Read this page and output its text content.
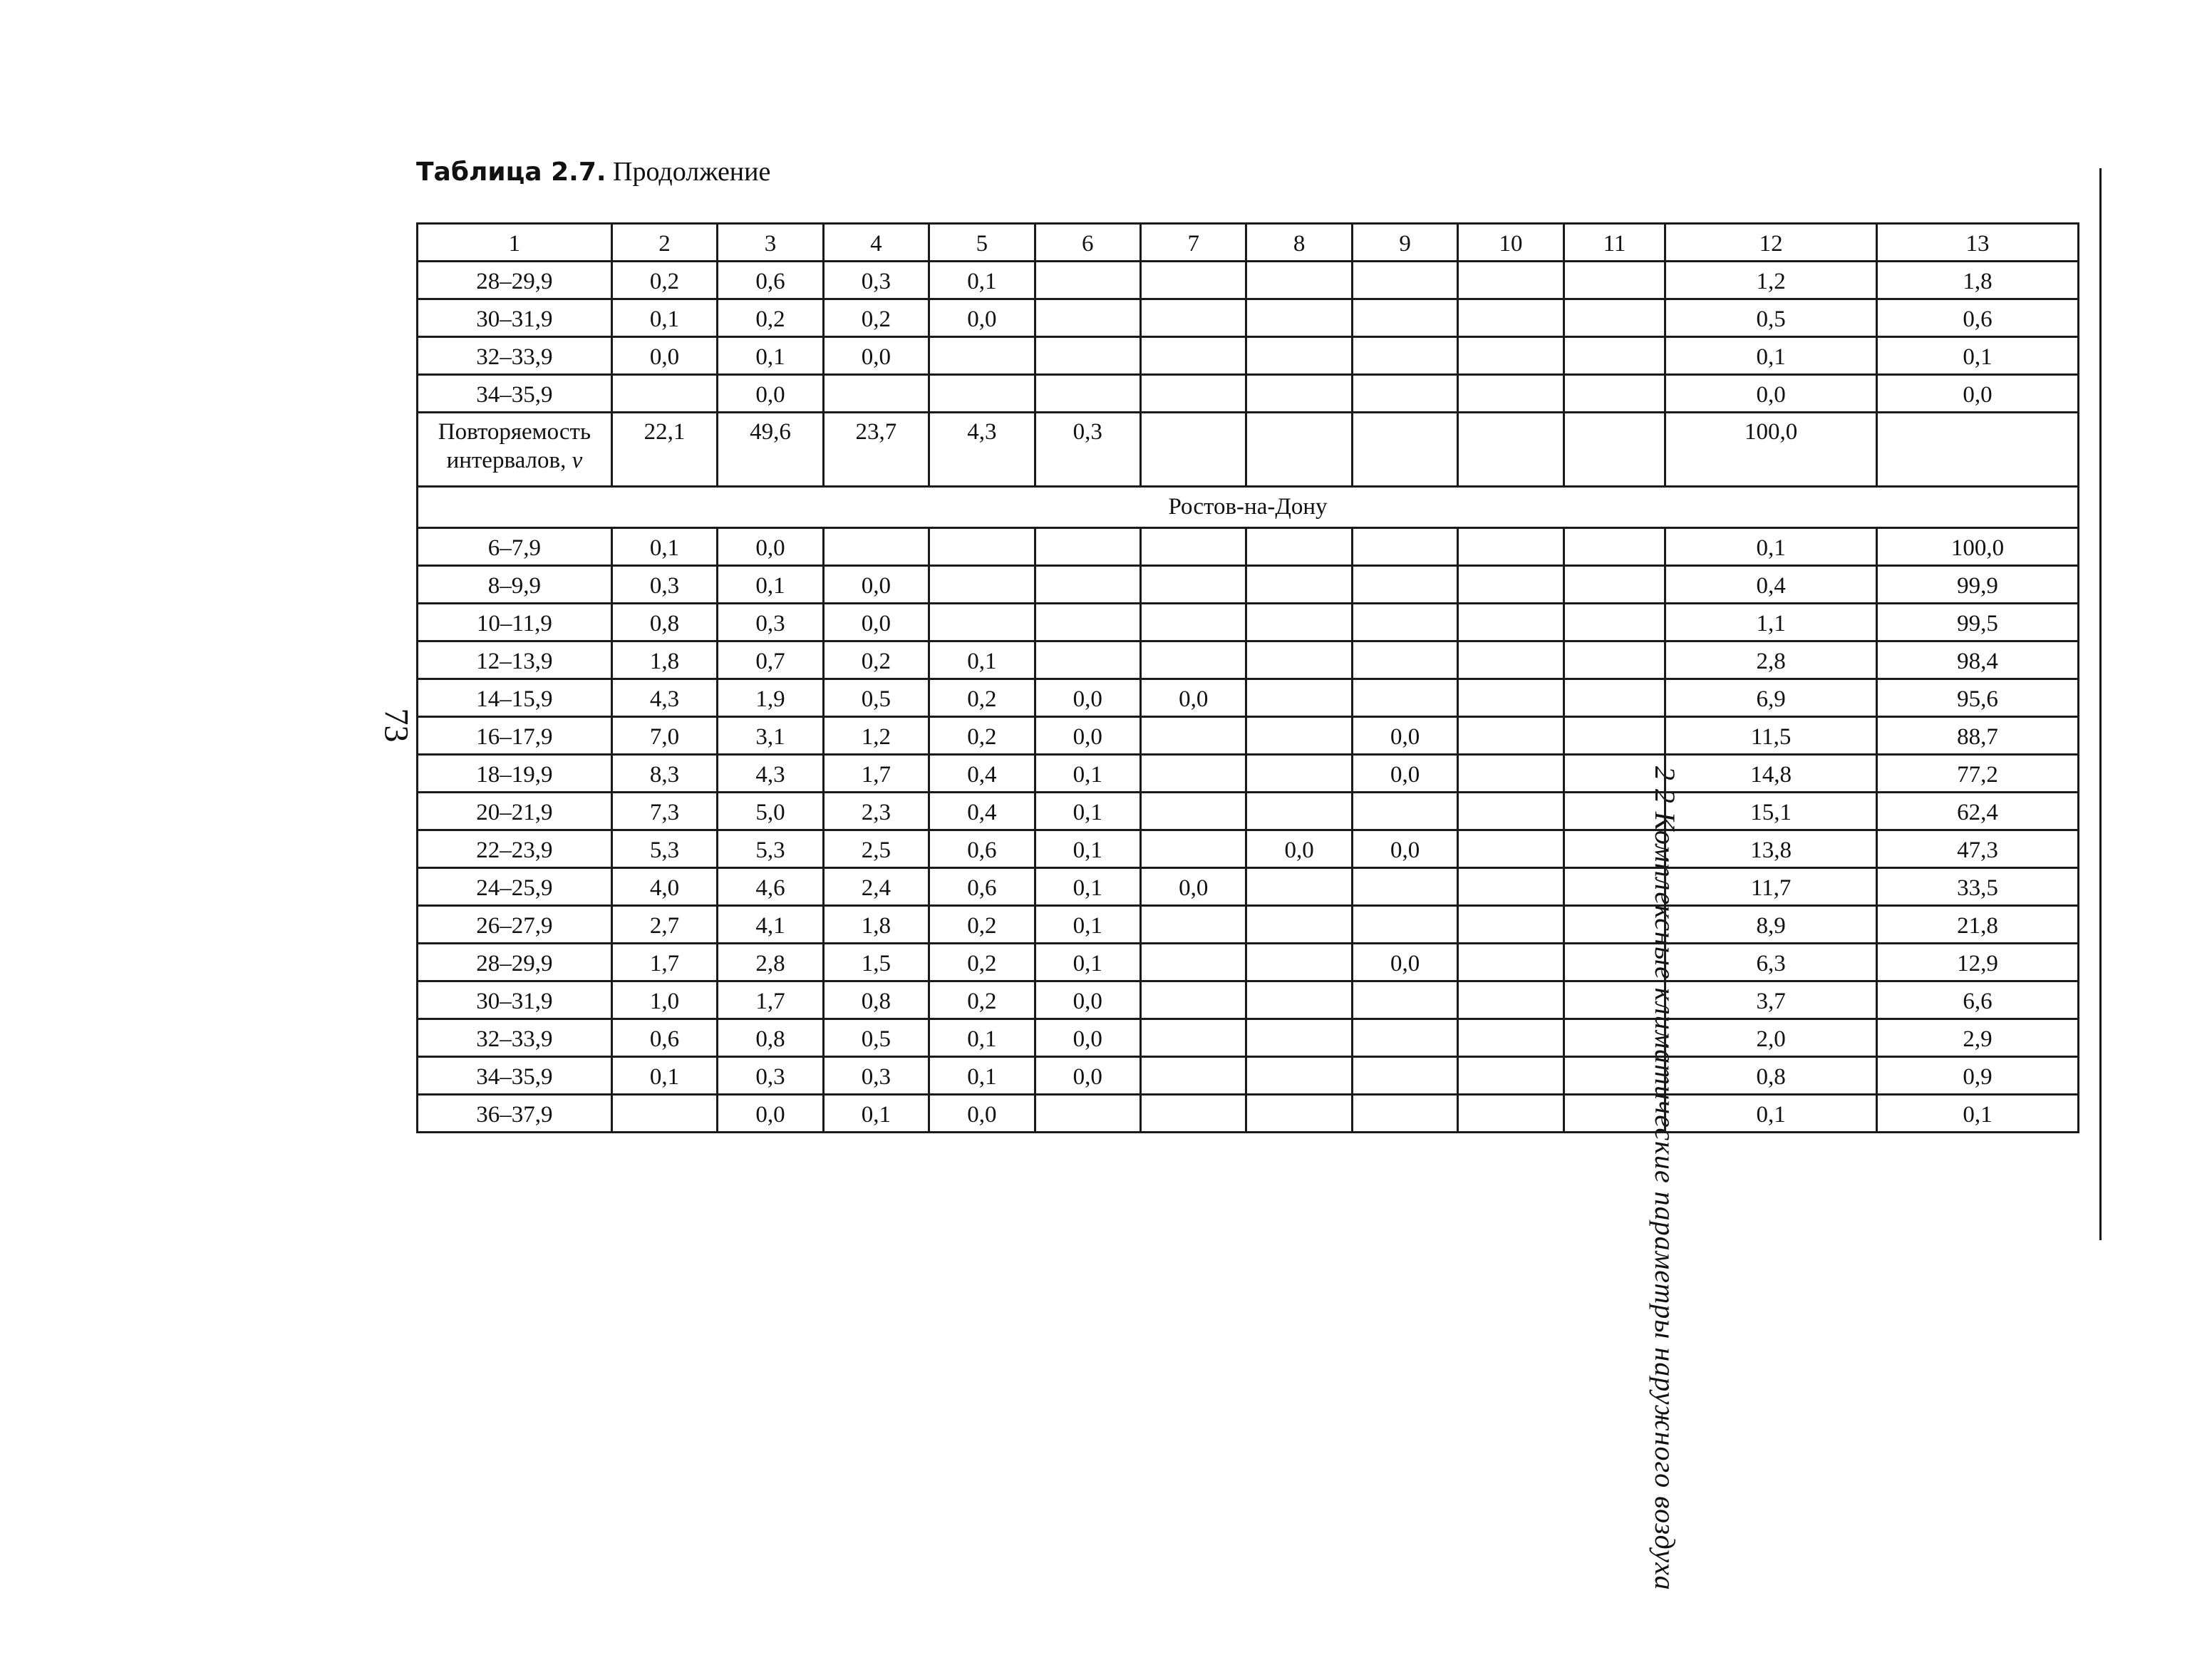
Таблица 2.7. Продолжение
73
2 2 Комплексные климатические параметры наружного воздуха
1	2	3	4	5	6	7	8	9	10	11	12	13
28–29,9	0,2	0,6	0,3	0,1							1,2	1,8
30–31,9	0,1	0,2	0,2	0,0							0,5	0,6
32–33,9	0,0	0,1	0,0								0,1	0,1
34–35,9		0,0									0,0	0,0
Повторяемость
интервалов, v	22,1	49,6	23,7	4,3	0,3						100,0	
Ростов-на-Дону												
6–7,9	0,1	0,0									0,1	100,0
8–9,9	0,3	0,1	0,0								0,4	99,9
10–11,9	0,8	0,3	0,0								1,1	99,5
12–13,9	1,8	0,7	0,2	0,1							2,8	98,4
14–15,9	4,3	1,9	0,5	0,2	0,0	0,0					6,9	95,6
16–17,9	7,0	3,1	1,2	0,2	0,0			0,0			11,5	88,7
18–19,9	8,3	4,3	1,7	0,4	0,1			0,0			14,8	77,2
20–21,9	7,3	5,0	2,3	0,4	0,1						15,1	62,4
22–23,9	5,3	5,3	2,5	0,6	0,1		0,0	0,0			13,8	47,3
24–25,9	4,0	4,6	2,4	0,6	0,1	0,0					11,7	33,5
26–27,9	2,7	4,1	1,8	0,2	0,1						8,9	21,8
28–29,9	1,7	2,8	1,5	0,2	0,1			0,0			6,3	12,9
30–31,9	1,0	1,7	0,8	0,2	0,0						3,7	6,6
32–33,9	0,6	0,8	0,5	0,1	0,0						2,0	2,9
34–35,9	0,1	0,3	0,3	0,1	0,0						0,8	0,9
36–37,9		0,0	0,1	0,0							0,1	0,1
